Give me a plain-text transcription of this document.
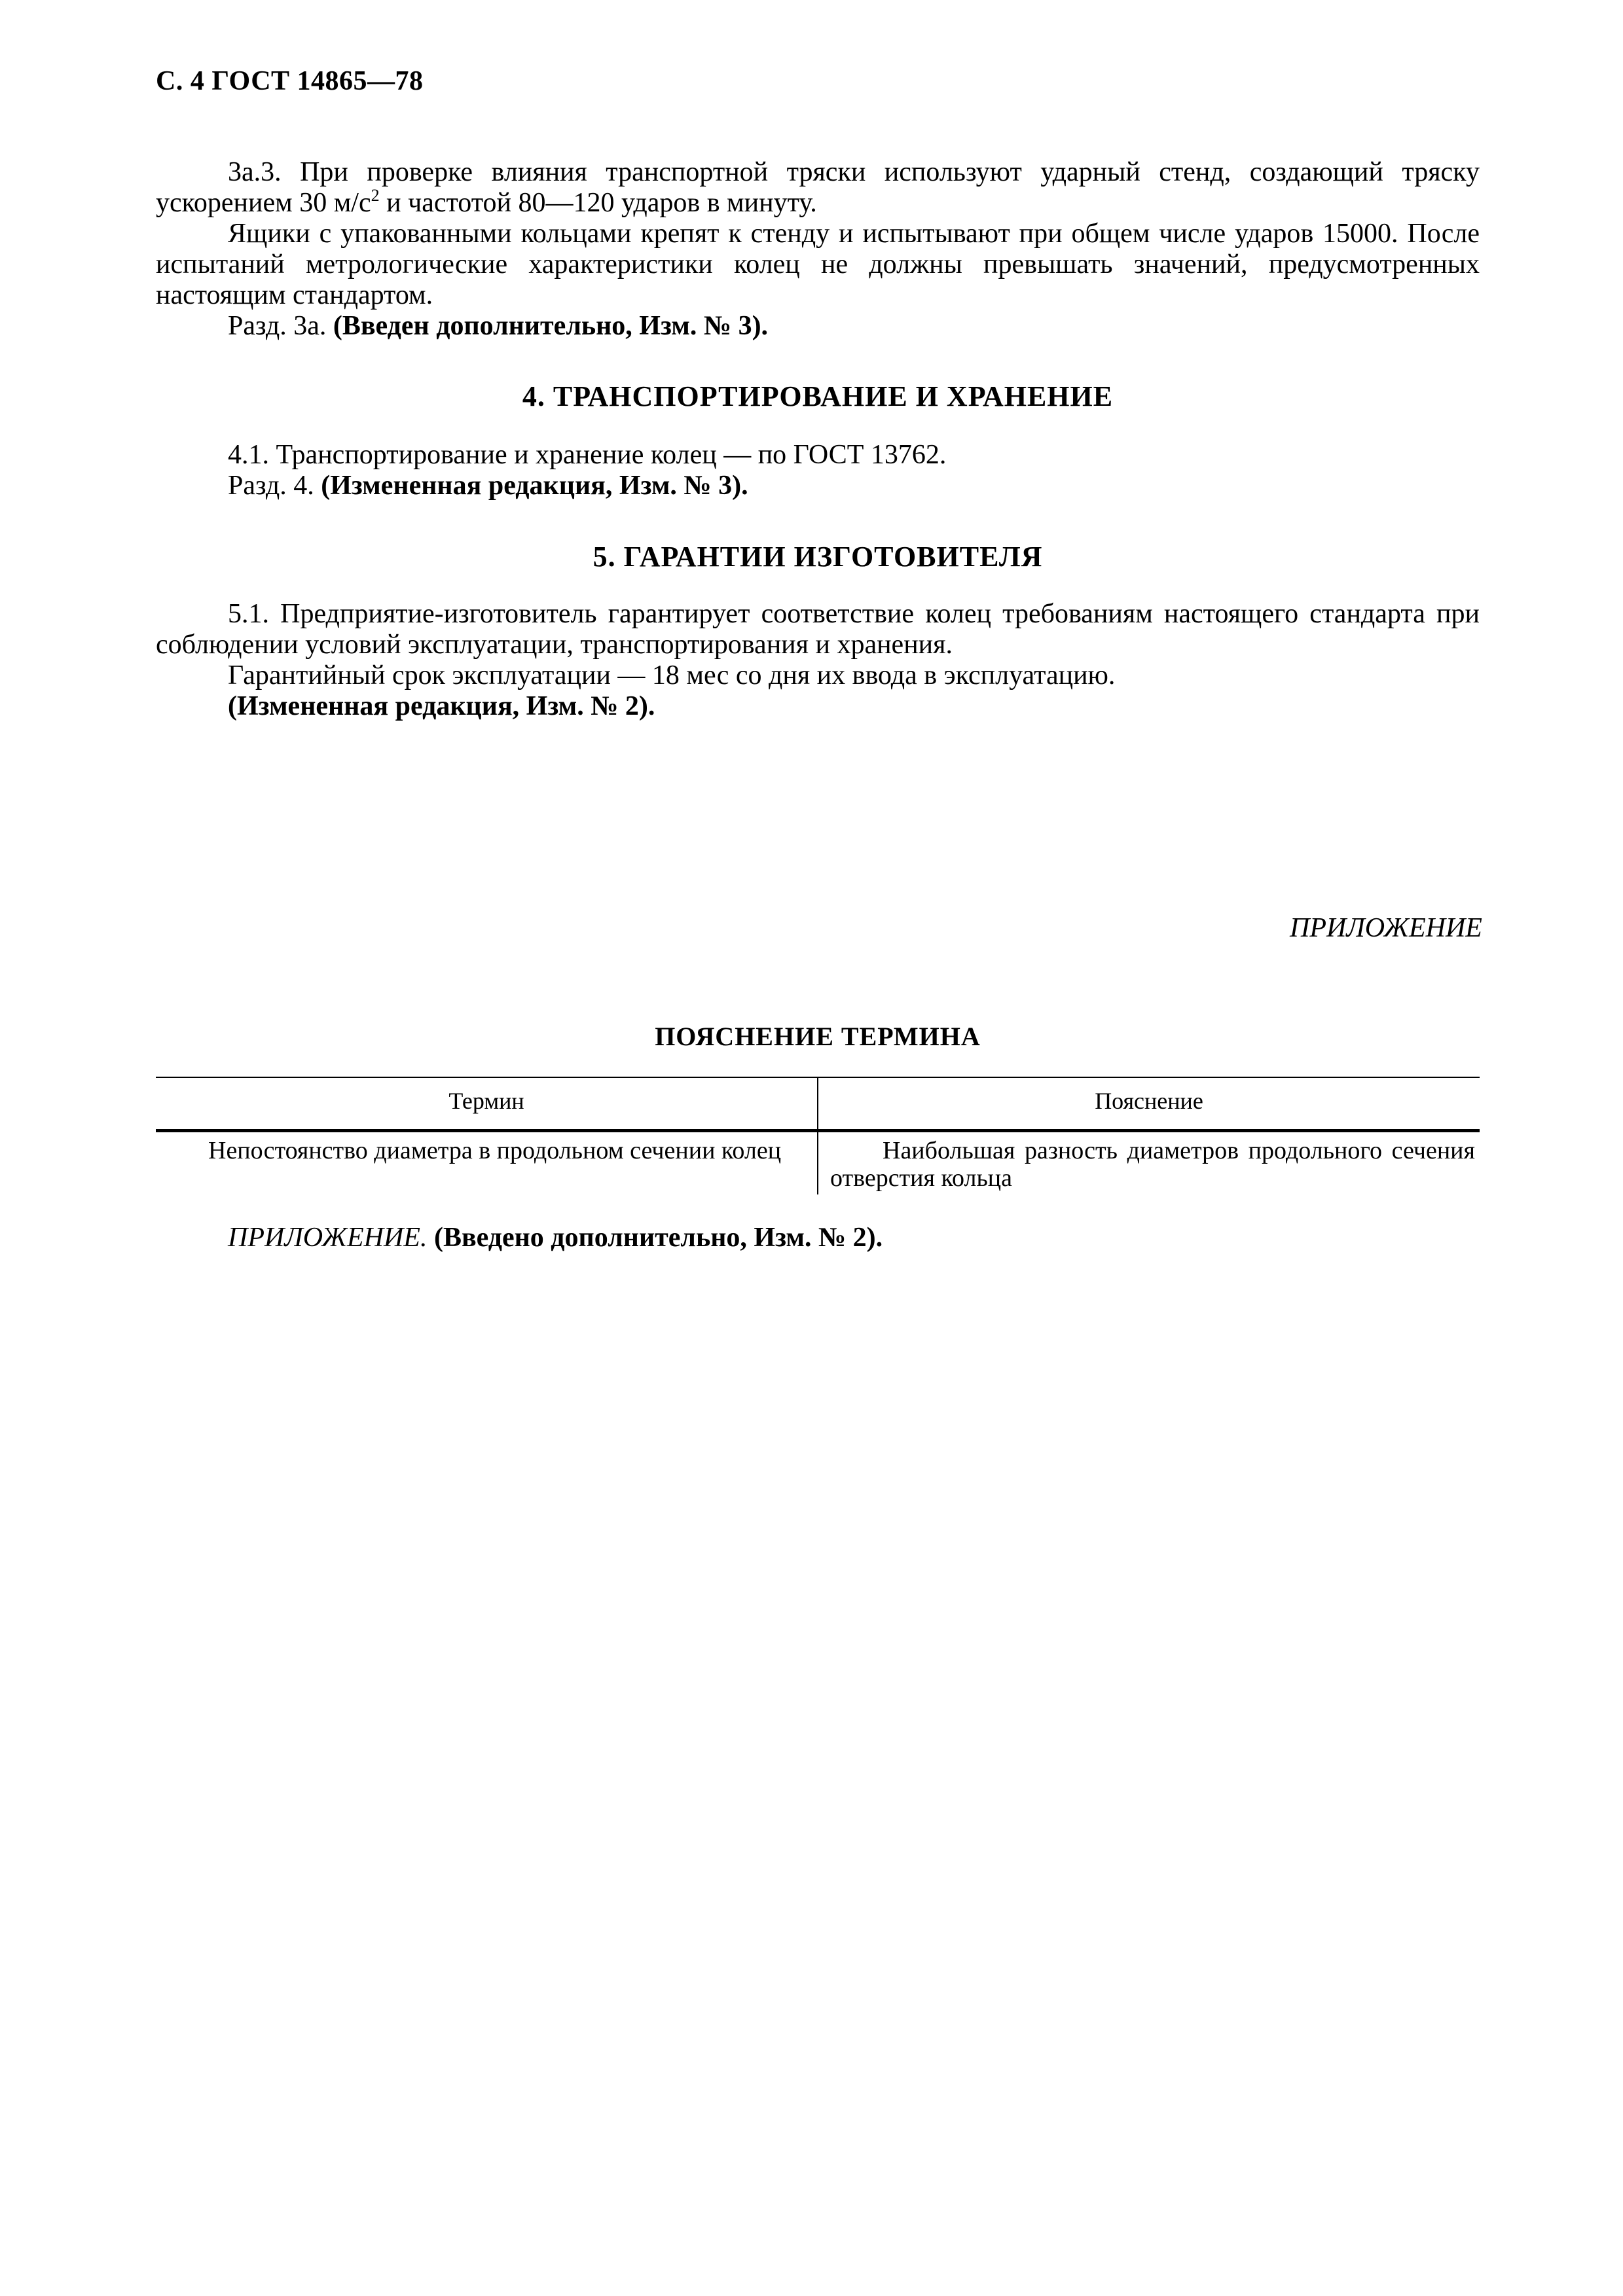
С. 4 ГОСТ 14865—78
3а.3. При проверке влияния транспортной тряски используют ударный стенд, создающий тряску ускорением 30 $м/с^2$ и частотой 80—120 ударов в минуту.
Ящики с упакованными кольцами крепят к стенду и испытывают при общем числе ударов 15000. После испытаний метрологические характеристики колец не должны превышать значений, предусмотренных настоящим стандартом.
Разд. 3а. (Введен дополнительно, Изм. № 3).
4. ТРАНСПОРТИРОВАНИЕ И ХРАНЕНИЕ
4.1. Транспортирование и хранение колец — по ГОСТ 13762.
Разд. 4. (Измененная редакция, Изм. № 3).
5. ГАРАНТИИ ИЗГОТОВИТЕЛЯ
5.1. Предприятие-изготовитель гарантирует соответствие колец требованиям настоящего стандарта при соблюдении условий эксплуатации, транспортирования и хранения.
Гарантийный срок эксплуатации — 18 мес со дня их ввода в эксплуатацию.
(Измененная редакция, Изм. № 2).
ПРИЛОЖЕНИЕ
ПОЯСНЕНИЕ ТЕРМИНА
Термин	Пояснение
Непостоянство диаметра в продольном сечении колец	Наибольшая разность диаметров продольного сечения отверстия кольца
ПРИЛОЖЕНИЕ. (Введено дополнительно, Изм. № 2).
